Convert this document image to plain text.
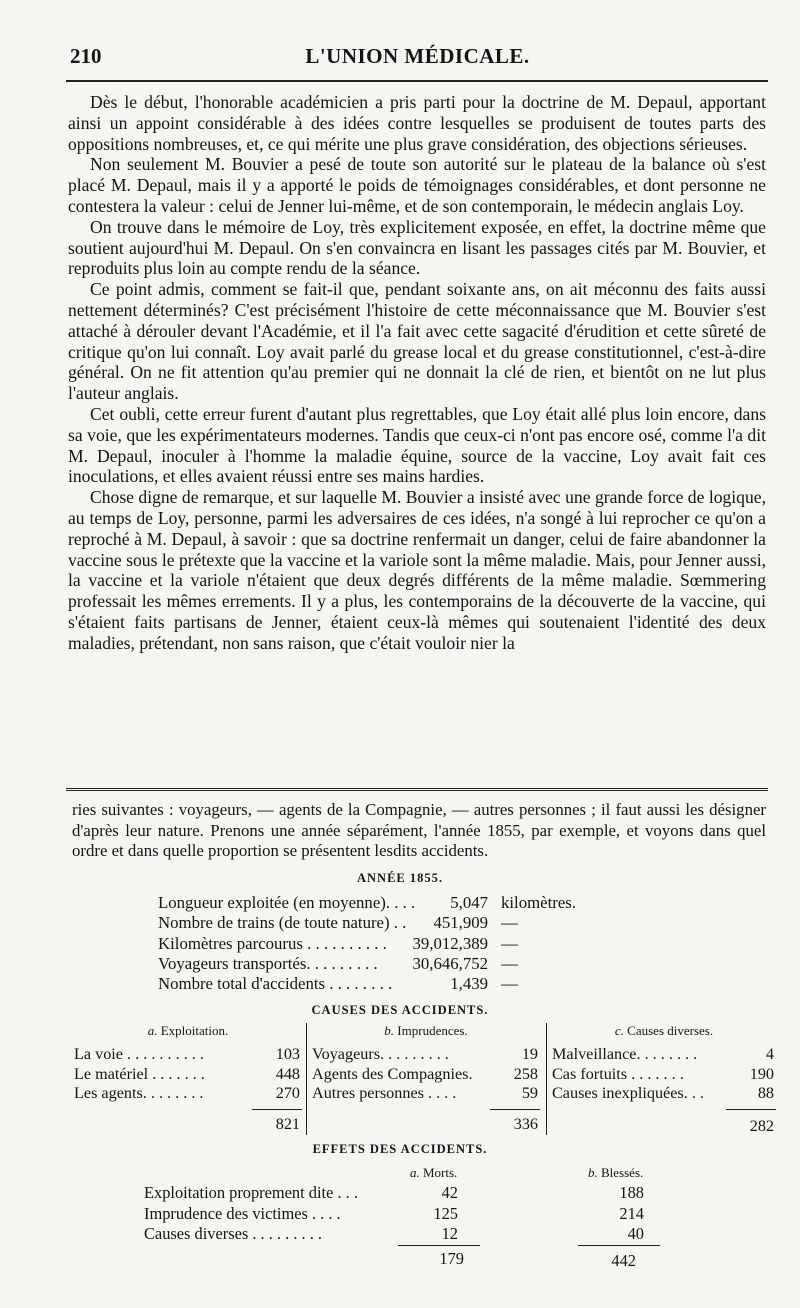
210	L'UNION MÉDICALE.

Dès le début, l'honorable académicien a pris parti pour la doctrine de M. Depaul, apportant ainsi un appoint considérable à des idées contre lesquelles se produisent de toutes parts des oppositions nombreuses, et, ce qui mérite une plus grave considération, des objections sérieuses.

Non seulement M. Bouvier a pesé de toute son autorité sur le plateau de la balance où s'est placé M. Depaul, mais il y a apporté le poids de témoignages considérables, et dont personne ne contestera la valeur : celui de Jenner lui-même, et de son contemporain, le médecin anglais Loy.

On trouve dans le mémoire de Loy, très explicitement exposée, en effet, la doctrine même que soutient aujourd'hui M. Depaul. On s'en convaincra en lisant les passages cités par M. Bouvier, et reproduits plus loin au compte rendu de la séance.

Ce point admis, comment se fait-il que, pendant soixante ans, on ait méconnu des faits aussi nettement déterminés? C'est précisément l'histoire de cette méconnaissance que M. Bouvier s'est attaché à dérouler devant l'Académie, et il l'a fait avec cette sagacité d'érudition et cette sûreté de critique qu'on lui connaît. Loy avait parlé du grease local et du grease constitutionnel, c'est-à-dire général. On ne fit attention qu'au premier qui ne donnait la clé de rien, et bientôt on ne lut plus l'auteur anglais.

Cet oubli, cette erreur furent d'autant plus regrettables, que Loy était allé plus loin encore, dans sa voie, que les expérimentateurs modernes. Tandis que ceux-ci n'ont pas encore osé, comme l'a dit M. Depaul, inoculer à l'homme la maladie équine, source de la vaccine, Loy avait fait ces inoculations, et elles avaient réussi entre ses mains hardies.

Chose digne de remarque, et sur laquelle M. Bouvier a insisté avec une grande force de logique, au temps de Loy, personne, parmi les adversaires de ces idées, n'a songé à lui reprocher ce qu'on a reproché à M. Depaul, à savoir : que sa doctrine renfermait un danger, celui de faire abandonner la vaccine sous le prétexte que la vaccine et la variole sont la même maladie. Mais, pour Jenner aussi, la vaccine et la variole n'étaient que deux degrés différents de la même maladie. Sœmmering professait les mêmes errements. Il y a plus, les contemporains de la découverte de la vaccine, qui s'étaient faits partisans de Jenner, étaient ceux-là mêmes qui soutenaient l'identité des deux maladies, prétendant, non sans raison, que c'était vouloir nier la

ries suivantes : voyageurs, — agents de la Compagnie, — autres personnes ; il faut aussi les désigner d'après leur nature. Prenons une année séparément, l'année 1855, par exemple, et voyons dans quel ordre et dans quelle proportion se présentent lesdits accidents.

ANNÉE 1855.
Longueur exploitée (en moyenne). . . . 5,047 kilomètres.
Nombre de trains (de toute nature) . . 451,909 —
Kilomètres parcourus . . . . . . . . . . 39,012,389 —
Voyageurs transportés. . . . . . . . . 30,646,752 —
Nombre total d'accidents . . . . . . . .	1,439 —
CAUSES DES ACCIDENTS.
a. Exploitation.
La voie . . . . . . . . . .	103
Le matériel . . . . . . .	448
Les agents. . . . . . . .	270
821
b. Imprudences.
Voyageurs. . . . . . . . .	19
Agents des Compagnies.	258
Autres personnes . . . .	59
336
c. Causes diverses.
Malveillance. . . . . . . .	4
Cas fortuits . . . . . . .	190
Causes inexpliquées. . .	88
282
EFFETS DES ACCIDENTS.
a. Morts.	b. Blessés.
Exploitation proprement dite . . .	42	188
Imprudence des victimes . . . .	125	214
Causes diverses . . . . . . . . .	12	40
179	442
